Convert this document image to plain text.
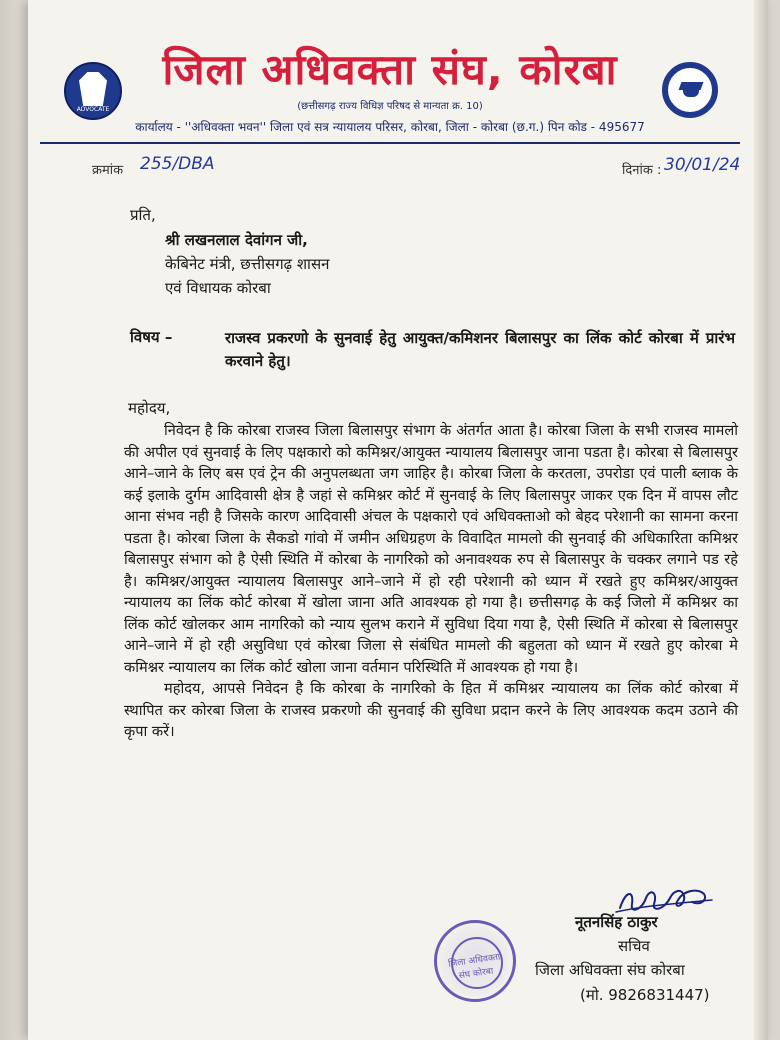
ADVOCATE
जिला अधिवक्ता संघ, कोरबा
(छत्तीसगढ़ राज्य विधिज्ञ परिषद से मान्यता क्र. 10)
कार्यालय - ''अधिवक्ता भवन'' जिला एवं सत्र न्यायालय परिसर, कोरबा, जिला - कोरबा (छ.ग.) पिन कोड - 495677
क्रमांक 255/DBA	दिनांक : 30/01/24
प्रति,
श्री लखनलाल देवांगन जी,
केबिनेट मंत्री, छत्तीसगढ़ शासन
एवं विधायक कोरबा
विषय –	राजस्व प्रकरणो के सुनवाई हेतु आयुक्त/कमिशनर बिलासपुर का लिंक कोर्ट कोरबा में प्रारंभ करवाने हेतु।
महोदय,

निवेदन है कि कोरबा राजस्व जिला बिलासपुर संभाग के अंतर्गत आता है। कोरबा जिला के सभी राजस्व मामलो की अपील एवं सुनवाई के लिए पक्षकारो को कमिश्नर/आयुक्त न्यायालय बिलासपुर जाना पडता है। कोरबा से बिलासपुर आने–जाने के लिए बस एवं ट्रेन की अनुपलब्धता जग जाहिर है। कोरबा जिला के करतला, उपरोडा एवं पाली ब्लाक के कई इलाके दुर्गम आदिवासी क्षेत्र है जहां से कमिश्नर कोर्ट में सुनवाई के लिए बिलासपुर जाकर एक दिन में वापस लौट आना संभव नही है जिसके कारण आदिवासी अंचल के पक्षकारो एवं अधिवक्ताओ को बेहद परेशानी का सामना करना पडता है। कोरबा जिला के सैकडो गांवो में जमीन अधिग्रहण के विवादित मामलो की सुनवाई की अधिकारिता कमिश्नर बिलासपुर संभाग को है ऐसी स्थिति में कोरबा के नागरिको को अनावश्यक रुप से बिलासपुर के चक्कर लगाने पड रहे है। कमिश्नर/आयुक्त न्यायालय बिलासपुर आने–जाने में हो रही परेशानी को ध्यान में रखते हुए कमिश्नर/आयुक्त न्यायालय का लिंक कोर्ट कोरबा में खोला जाना अति आवश्यक हो गया है। छत्तीसगढ़ के कई जिलो में कमिश्नर का लिंक कोर्ट खोलकर आम नागरिको को न्याय सुलभ कराने में सुविधा दिया गया है, ऐसी स्थिति में कोरबा से बिलासपुर आने–जाने में हो रही असुविधा एवं कोरबा जिला से संबंधित मामलो की बहुलता को ध्यान में रखते हुए कोरबा मे कमिश्नर न्यायालय का लिंक कोर्ट खोला जाना वर्तमान परिस्थिति में आवश्यक हो गया है।

महोदय, आपसे निवेदन है कि कोरबा के नागरिको के हित में कमिश्नर न्यायालय का लिंक कोर्ट कोरबा में स्थापित कर कोरबा जिला के राजस्व प्रकरणो की सुनवाई की सुविधा प्रदान करने के लिए आवश्यक कदम उठाने की कृपा करें।

जिला अधिवक्ता संघ कोरबा
नूतनसिंह ठाकुर
सचिव
जिला अधिवक्ता संघ कोरबा
(मो. 9826831447)
